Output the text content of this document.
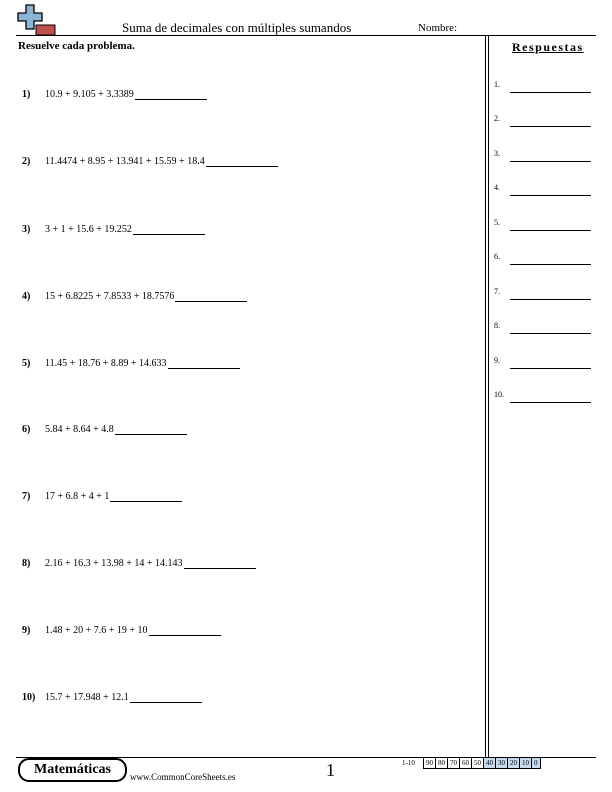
Suma de decimales con múltiples sumandos	Nombre:
Resuelve cada problema.	Respuestas
1)	10.9 + 9.105 + 3.3389
2)	11.4474 + 8.95 + 13.941 + 15.59 + 18.4
3)	3 + 1 + 15.6 + 19.252
4)	15 + 6.8225 + 7.8533 + 18.7576
5)	11.45 + 18.76 + 8.89 + 14.633
6)	5.84 + 8.64 + 4.8
7)	17 + 6.8 + 4 + 1
8)	2.16 + 16.3 + 13.98 + 14 + 14.143
9)	1.48 + 20 + 7.6 + 19 + 10
10) 15.7 + 17.948 + 12.1
1.
2.
3.
4.
5.
6.
7.
8.
9.
10.
Matemáticas	www.CommonCoreSheets.es	1	1-10	90 80 70 60 50 40 30 20 10 0
